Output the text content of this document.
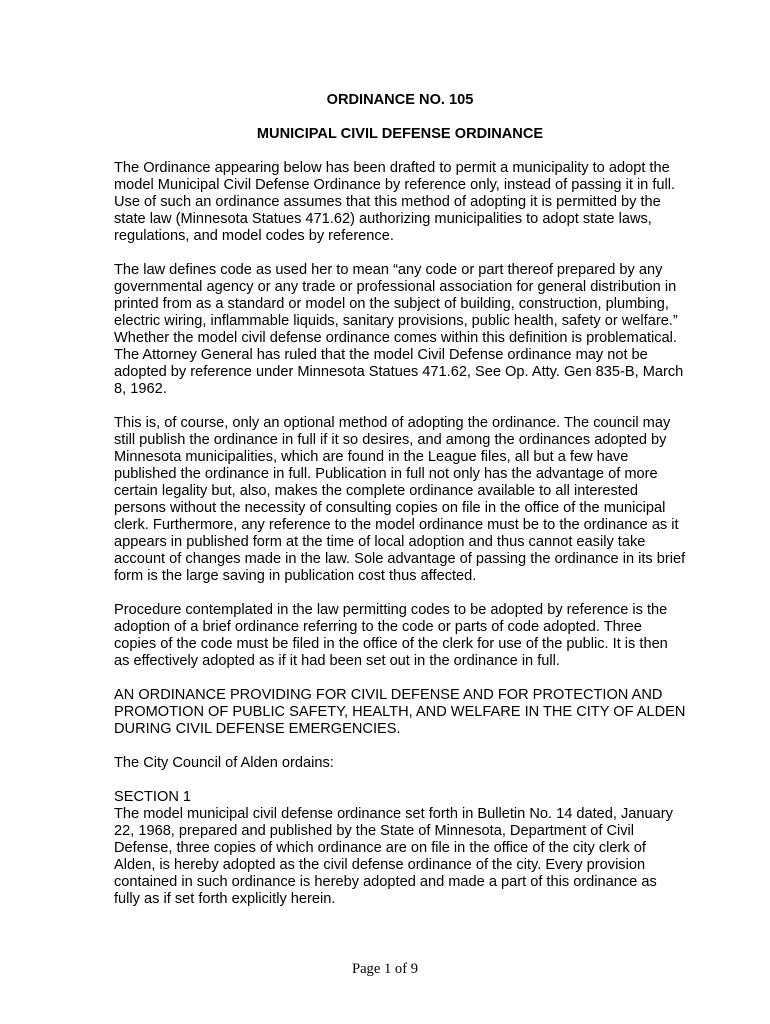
ORDINANCE NO. 105
MUNICIPAL CIVIL DEFENSE ORDINANCE

The Ordinance appearing below has been drafted to permit a municipality to adopt the model Municipal Civil Defense Ordinance by reference only, instead of passing it in full. Use of such an ordinance assumes that this method of adopting it is permitted by the state law (Minnesota Statues 471.62) authorizing municipalities to adopt state laws, regulations, and model codes by reference.

The law defines code as used her to mean “any code or part thereof prepared by any governmental agency or any trade or professional association for general distribution in printed from as a standard or model on the subject of building, construction, plumbing, electric wiring, inflammable liquids, sanitary provisions, public health, safety or welfare.” Whether the model civil defense ordinance comes within this definition is problematical. The Attorney General has ruled that the model Civil Defense ordinance may not be adopted by reference under Minnesota Statues 471.62, See Op. Atty. Gen 835-B, March 8, 1962.

This is, of course, only an optional method of adopting the ordinance. The council may still publish the ordinance in full if it so desires, and among the ordinances adopted by Minnesota municipalities, which are found in the League files, all but a few have published the ordinance in full. Publication in full not only has the advantage of more certain legality but, also, makes the complete ordinance available to all interested persons without the necessity of consulting copies on file in the office of the municipal clerk. Furthermore, any reference to the model ordinance must be to the ordinance as it appears in published form at the time of local adoption and thus cannot easily take account of changes made in the law. Sole advantage of passing the ordinance in its brief form is the large saving in publication cost thus affected.

Procedure contemplated in the law permitting codes to be adopted by reference is the adoption of a brief ordinance referring to the code or parts of code adopted. Three copies of the code must be filed in the office of the clerk for use of the public. It is then as effectively adopted as if it had been set out in the ordinance in full.

AN ORDINANCE PROVIDING FOR CIVIL DEFENSE AND FOR PROTECTION AND PROMOTION OF PUBLIC SAFETY, HEALTH, AND WELFARE IN THE CITY OF ALDEN DURING CIVIL DEFENSE EMERGENCIES.

The City Council of Alden ordains:

SECTION 1

The model municipal civil defense ordinance set forth in Bulletin No. 14 dated, January 22, 1968, prepared and published by the State of Minnesota, Department of Civil Defense, three copies of which ordinance are on file in the office of the city clerk of Alden, is hereby adopted as the civil defense ordinance of the city. Every provision contained in such ordinance is hereby adopted and made a part of this ordinance as fully as if set forth explicitly herein.

Page 1 of 9
